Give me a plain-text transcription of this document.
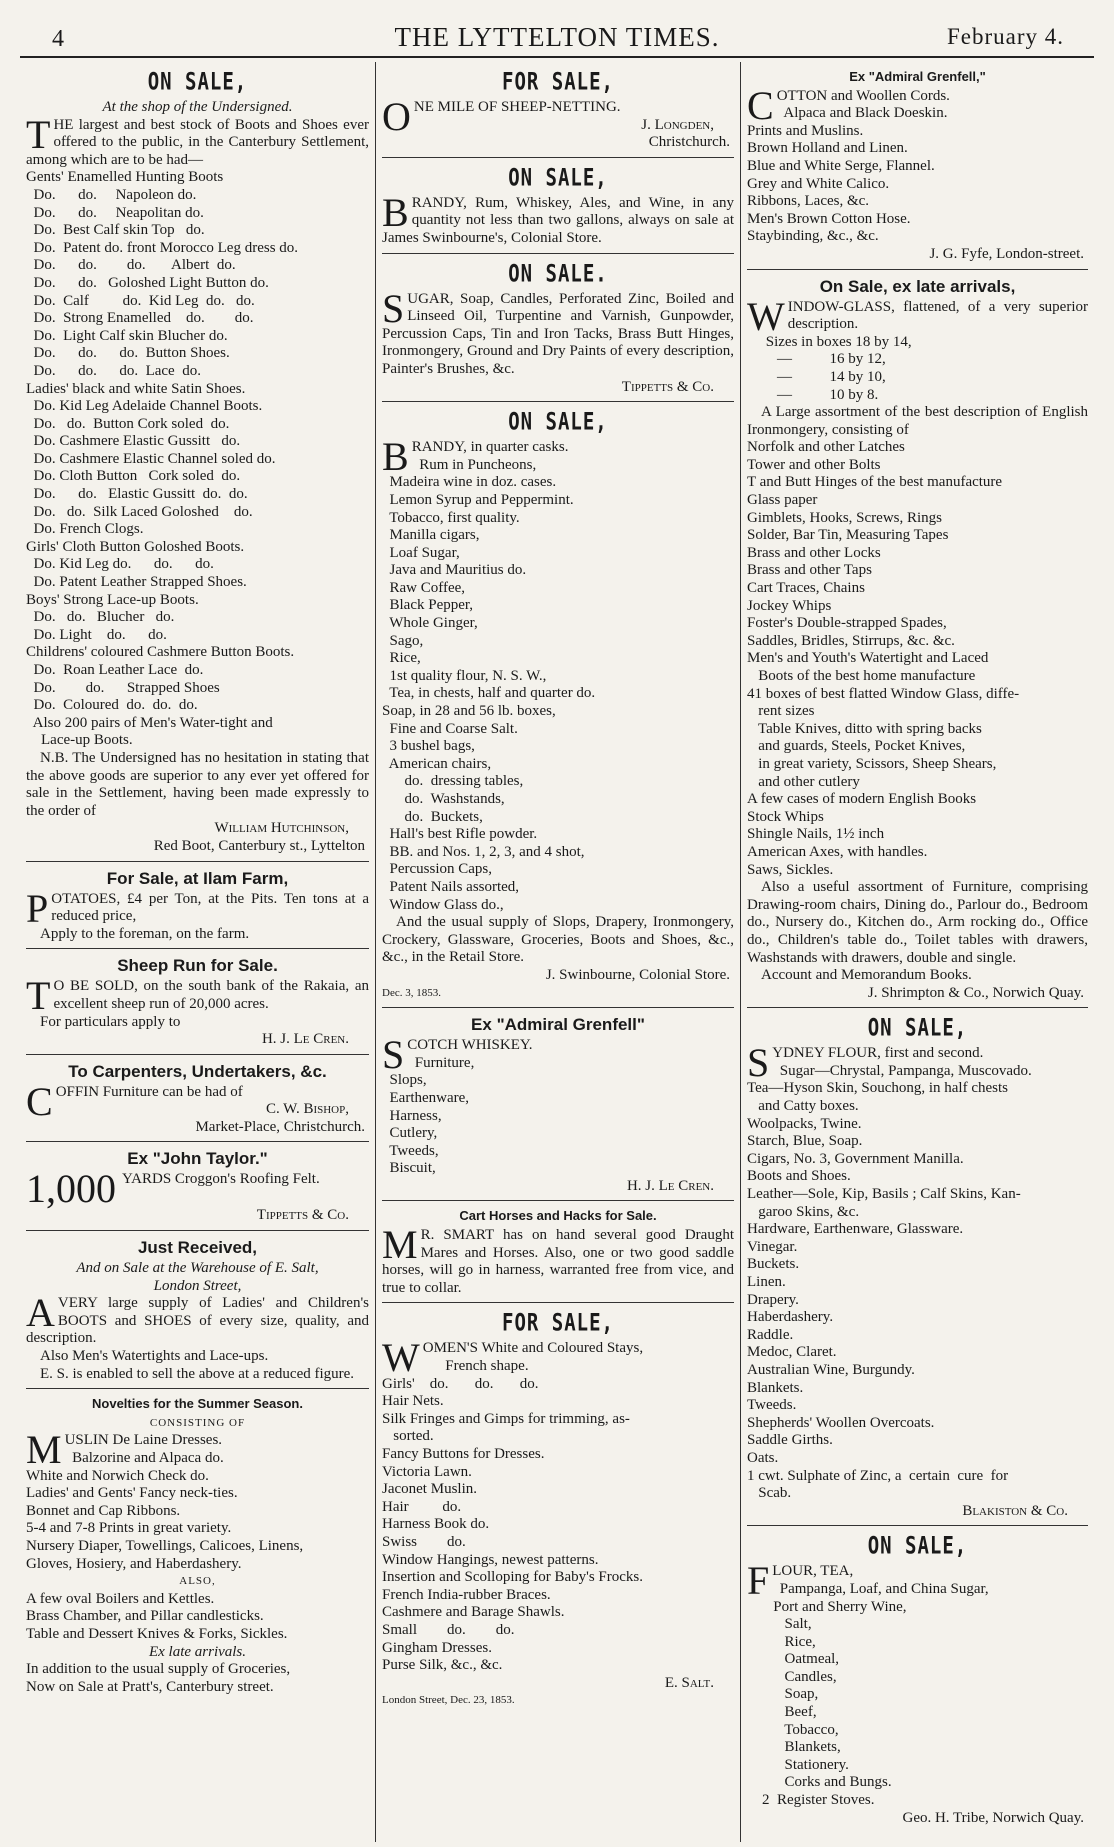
4	THE LYTTELTON TIMES.	February 4.
ON SALE,

At the shop of the Undersigned.

THE largest and best stock of Boots and Shoes ever offered to the public, in the Canterbury Settlement, among which are to be had—

Gents' Enamelled Hunting Boots
Do.      do.     Napoleon do.
Do.      do.     Neapolitan do.
Do.  Best Calf skin Top   do.
Do.  Patent do. front Morocco Leg dress do.
Do.      do.        do.       Albert  do.
Do.      do.   Goloshed Light Button do.
Do.  Calf         do.  Kid Leg  do.   do.
Do.  Strong Enamelled    do.        do.
Do.  Light Calf skin Blucher do.
Do.      do.      do.  Button Shoes.
Do.      do.      do.  Lace  do.
Ladies' black and white Satin Shoes.
Do. Kid Leg Adelaide Channel Boots.
Do.   do.  Button Cork soled  do.
Do. Cashmere Elastic Gussitt   do.
Do. Cashmere Elastic Channel soled do.
Do. Cloth Button   Cork soled  do.
Do.      do.   Elastic Gussitt  do.  do.
Do.   do.  Silk Laced Goloshed    do.
Do. French Clogs.
Girls' Cloth Button Goloshed Boots.
Do. Kid Leg do.      do.      do.
Do. Patent Leather Strapped Shoes.
Boys' Strong Lace-up Boots.
Do.   do.   Blucher   do.
Do. Light    do.      do.
Childrens' coloured Cashmere Button Boots.
Do.  Roan Leather Lace  do.
Do.        do.      Strapped Shoes
Do.  Coloured  do.  do.  do.
Also 200 pairs of Men's Water-tight and
Lace-up Boots.

N.B. The Undersigned has no hesitation in stating that the above goods are superior to any ever yet offered for sale in the Settlement, having been made expressly to the order of

William Hutchinson,

Red Boot, Canterbury st., Lyttelton

For Sale, at Ilam Farm,

POTATOES, £4 per Ton, at the Pits. Ten tons at a reduced price,

Apply to the foreman, on the farm.

Sheep Run for Sale.

T O BE SOLD, on the south bank of the Rakaia, an excellent sheep run of 20,000 acres.

For particulars apply to

H. J. Le Cren.

To Carpenters, Undertakers, &c.

COFFIN Furniture can be had of

C. W. Bishop,

Market-Place, Christchurch.

Ex "John Taylor."

1,000 YARDS Croggon's Roofing Felt.

Tippetts & Co.

Just Received,

And on Sale at the Warehouse of E. Salt,

London Street,

A VERY large supply of Ladies' and Children's BOOTS and SHOES of every size, quality, and description.

Also Men's Watertights and Lace-ups.

E. S. is enabled to sell the above at a reduced figure.

Novelties for the Summer Season.

CONSISTING OF

MUSLIN De Laine Dresses.

Balzorine and Alpaca do.
White and Norwich Check do.
Ladies' and Gents' Fancy neck-ties.
Bonnet and Cap Ribbons.
5-4 and 7-8 Prints in great variety.
Nursery Diaper, Towellings, Calicoes, Linens,
Gloves, Hosiery, and Haberdashery.

ALSO,

A few oval Boilers and Kettles.
Brass Chamber, and Pillar candlesticks.
Table and Dessert Knives & Forks, Sickles.

Ex late arrivals.

In addition to the usual supply of Groceries,
Now on Sale at Pratt's, Canterbury street.
FOR SALE,

ONE MILE OF SHEEP-NETTING.

J. Longden,

Christchurch.

ON SALE,

BRANDY, Rum, Whiskey, Ales, and Wine, in any quantity not less than two gallons, always on sale at James Swinbourne's, Colonial Store.

ON SALE.

SUGAR, Soap, Candles, Perforated Zinc, Boiled and Linseed Oil, Turpentine and Varnish, Gunpowder, Percussion Caps, Tin and Iron Tacks, Brass Butt Hinges, Ironmongery, Ground and Dry Paints of every description, Painter's Brushes, &c.

Tippetts & Co.

ON SALE,

BRANDY, in quarter casks.

Rum in Puncheons,
Madeira wine in doz. cases.
Lemon Syrup and Peppermint.
Tobacco, first quality.
Manilla cigars,
Loaf Sugar,
Java and Mauritius do.
Raw Coffee,
Black Pepper,
Whole Ginger,
Sago,
Rice,
1st quality flour, N. S. W.,
Tea, in chests, half and quarter do.
Soap, in 28 and 56 lb. boxes,
Fine and Coarse Salt.
3 bushel bags,
American chairs,
do.  dressing tables,
do.  Washstands,
do.  Buckets,
Hall's best Rifle powder.
BB. and Nos. 1, 2, 3, and 4 shot,
Percussion Caps,
Patent Nails assorted,
Window Glass do.,

And the usual supply of Slops, Drapery, Ironmongery, Crockery, Glassware, Groceries, Boots and Shoes, &c., &c., in the Retail Store.

J. Swinbourne, Colonial Store.

Dec. 3, 1853.

Ex "Admiral Grenfell"

SCOTCH WHISKEY.

Furniture,
Slops,
Earthenware,
Harness,
Cutlery,
Tweeds,
Biscuit,

H. J. Le Cren.

Cart Horses and Hacks for Sale.

M R. SMART has on hand several good Draught Mares and Horses. Also, one or two good saddle horses, will go in harness, warranted free from vice, and true to collar.

FOR SALE,

WOMEN'S White and Coloured Stays,

French shape.
Girls'    do.       do.       do.
Hair Nets.
Silk Fringes and Gimps for trimming, as-
sorted.
Fancy Buttons for Dresses.
Victoria Lawn.
Jaconet Muslin.
Hair         do.
Harness Book do.
Swiss        do.
Window Hangings, newest patterns.
Insertion and Scolloping for Baby's Frocks.
French India-rubber Braces.
Cashmere and Barage Shawls.
Small        do.        do.
Gingham Dresses.
Purse Silk, &c., &c.

E. Salt.

London Street, Dec. 23, 1853.

Ex "Admiral Grenfell,"

COTTON and Woollen Cords.

Alpaca and Black Doeskin.
Prints and Muslins.
Brown Holland and Linen.
Blue and White Serge, Flannel.
Grey and White Calico.
Ribbons, Laces, &c.
Men's Brown Cotton Hose.
Staybinding, &c., &c.

J. G. Fyfe, London-street.

On Sale, ex late arrivals,

WINDOW-GLASS, flattened, of a very superior description.

Sizes in boxes 18 by 14,
—          16 by 12,
—          14 by 10,
—          10 by 8.

A Large assortment of the best description of English Ironmongery, consisting of

Norfolk and other Latches
Tower and other Bolts
T and Butt Hinges of the best manufacture
Glass paper
Gimblets, Hooks, Screws, Rings
Solder, Bar Tin, Measuring Tapes
Brass and other Locks
Brass and other Taps
Cart Traces, Chains
Jockey Whips
Foster's Double-strapped Spades,
Saddles, Bridles, Stirrups, &c. &c.
Men's and Youth's Watertight and Laced
Boots of the best home manufacture
41 boxes of best flatted Window Glass, diffe-
rent sizes
Table Knives, ditto with spring backs
and guards, Steels, Pocket Knives,
in great variety, Scissors, Sheep Shears,
and other cutlery
A few cases of modern English Books
Stock Whips
Shingle Nails, 1½ inch
American Axes, with handles.
Saws, Sickles.

Also a useful assortment of Furniture, comprising Drawing-room chairs, Dining do., Parlour do., Bedroom do., Nursery do., Kitchen do., Arm rocking do., Office do., Children's table do., Toilet tables with drawers, Washstands with drawers, double and single.

Account and Memorandum Books.

J. Shrimpton & Co., Norwich Quay.

ON SALE,

SYDNEY FLOUR, first and second.

Sugar—Chrystal, Pampanga, Muscovado.
Tea—Hyson Skin, Souchong, in half chests
and Catty boxes.
Woolpacks, Twine.
Starch, Blue, Soap.
Cigars, No. 3, Government Manilla.
Boots and Shoes.
Leather—Sole, Kip, Basils ; Calf Skins, Kan-
garoo Skins, &c.
Hardware, Earthenware, Glassware.
Vinegar.
Buckets.
Linen.
Drapery.
Haberdashery.
Raddle.
Medoc, Claret.
Australian Wine, Burgundy.
Blankets.
Tweeds.
Shepherds' Woollen Overcoats.
Saddle Girths.
Oats.
1 cwt. Sulphate of Zinc, a  certain  cure  for
Scab.

Blakiston & Co.

ON SALE,

FLOUR, TEA,

Pampanga, Loaf, and China Sugar,
Port and Sherry Wine,
Salt,
Rice,
Oatmeal,
Candles,
Soap,
Beef,
Tobacco,
Blankets,
Stationery.
Corks and Bungs.
2  Register Stoves.

Geo. H. Tribe, Norwich Quay.
